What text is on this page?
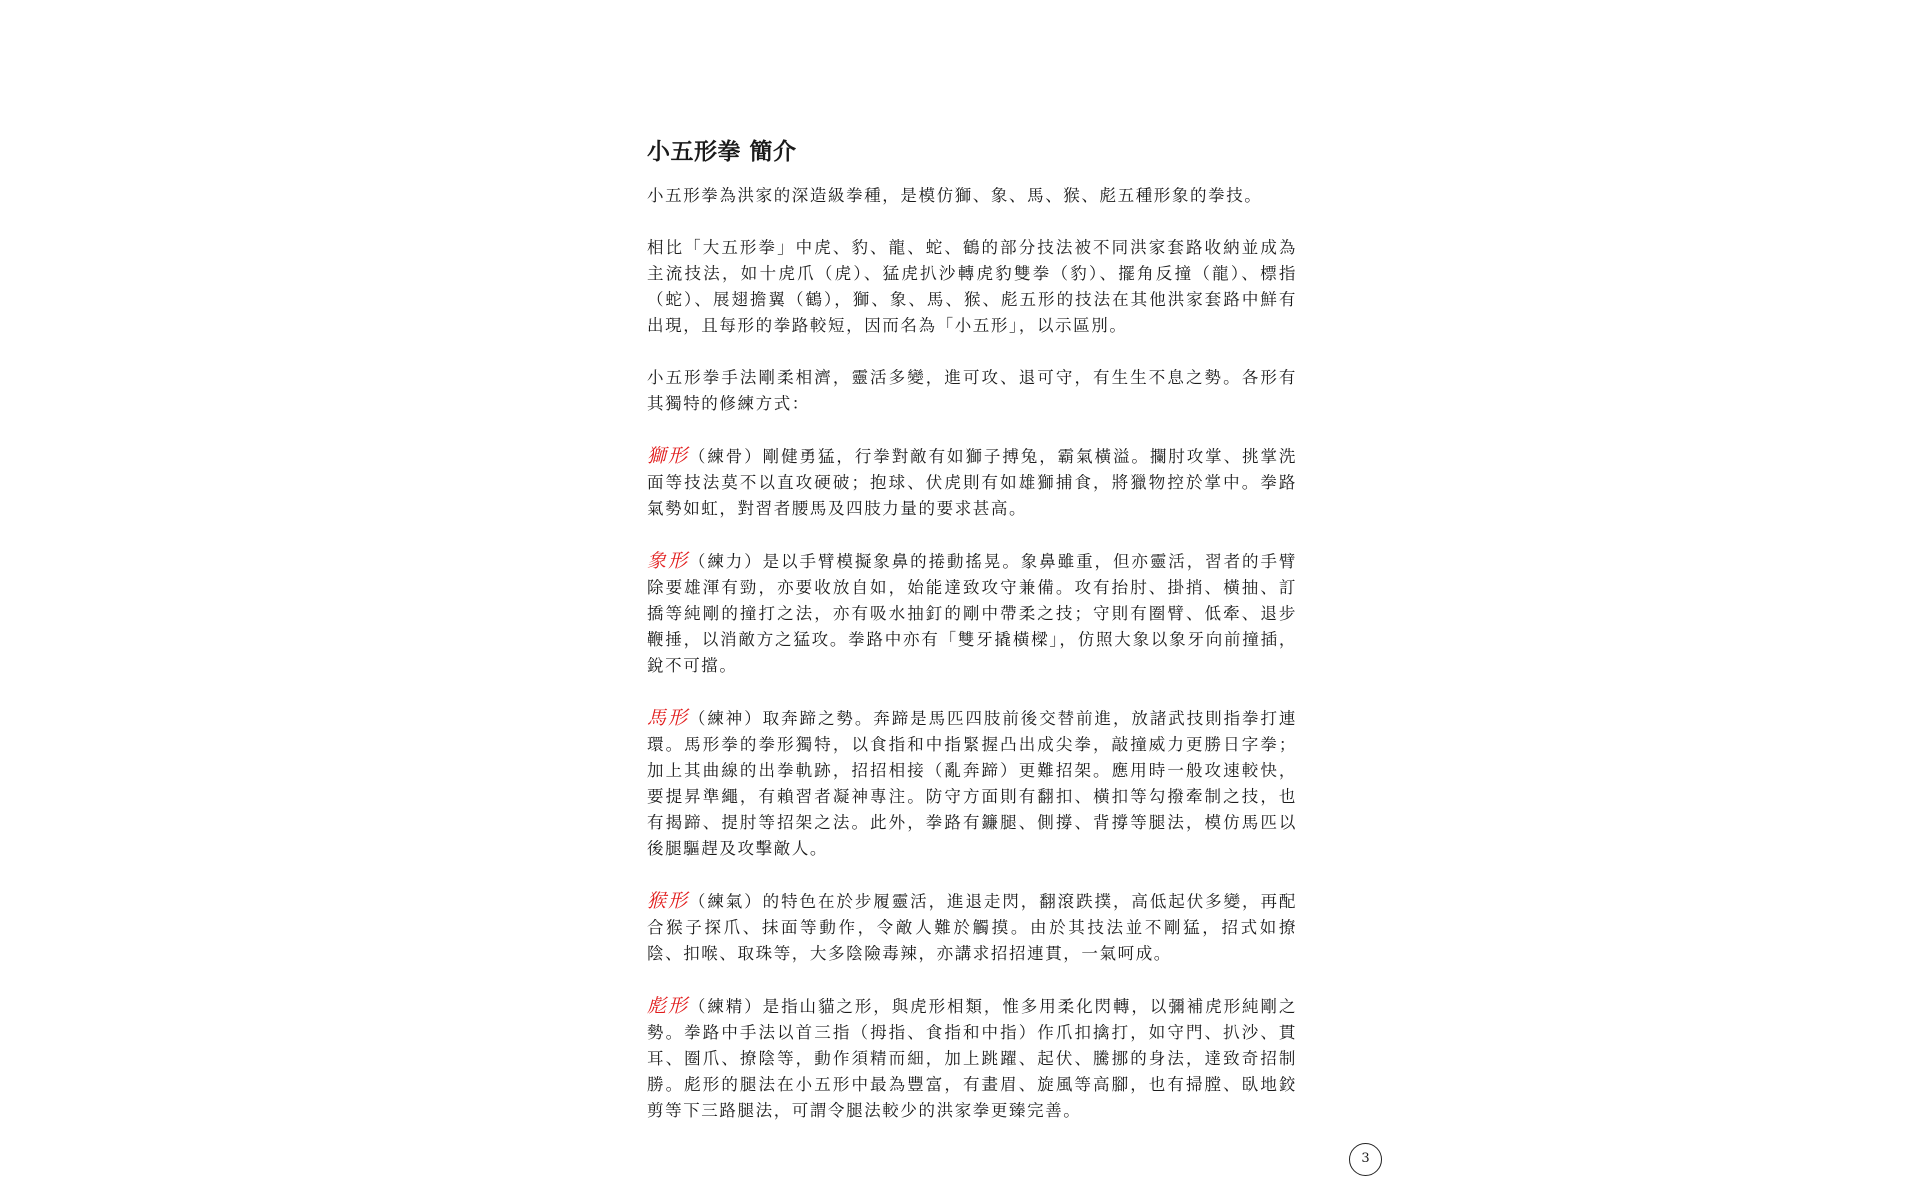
小五形拳 簡介

小五形拳為洪家的深造級拳種，是模仿獅、象、馬、猴、彪五種形象的拳技。

相比「大五形拳」中虎、豹、龍、蛇、鶴的部分技法被不同洪家套路收納並成為主流技法，如十虎爪（虎）、猛虎扒沙轉虎豹雙拳（豹）、擺角反撞（龍）、標指（蛇）、展翅擔翼（鶴），獅、象、馬、猴、彪五形的技法在其他洪家套路中鮮有出現，且每形的拳路較短，因而名為「小五形」，以示區別。

小五形拳手法剛柔相濟，靈活多變，進可攻、退可守，有生生不息之勢。各形有其獨特的修練方式：

獅形（練骨）剛健勇猛，行拳對敵有如獅子搏兔，霸氣橫溢。攔肘攻掌、挑掌洗面等技法莫不以直攻硬破；抱球、伏虎則有如雄獅捕食，將獵物控於掌中。拳路氣勢如虹，對習者腰馬及四肢力量的要求甚高。

象形（練力）是以手臂模擬象鼻的捲動搖晃。象鼻雖重，但亦靈活，習者的手臂除要雄渾有勁，亦要收放自如，始能達致攻守兼備。攻有抬肘、掛捎、橫抽、訂撟等純剛的撞打之法，亦有吸水抽釘的剛中帶柔之技；守則有圈臂、低牽、退步鞭捶，以消敵方之猛攻。拳路中亦有「雙牙撬橫樑」，仿照大象以象牙向前撞插，銳不可擋。

馬形（練神）取奔蹄之勢。奔蹄是馬匹四肢前後交替前進，放諸武技則指拳打連環。馬形拳的拳形獨特，以食指和中指緊握凸出成尖拳，敲撞威力更勝日字拳；加上其曲線的出拳軌跡，招招相接（亂奔蹄）更難招架。應用時一般攻速較快，要提昇準繩，有賴習者凝神專注。防守方面則有翻扣、橫扣等勾撥牽制之技，也有揭蹄、提肘等招架之法。此外，拳路有鐮腿、側撐、背撐等腿法，模仿馬匹以後腿驅趕及攻擊敵人。

猴形（練氣）的特色在於步履靈活，進退走閃，翻滾跌撲，高低起伏多變，再配合猴子探爪、抹面等動作，令敵人難於觸摸。由於其技法並不剛猛，招式如撩陰、扣喉、取珠等，大多陰險毒辣，亦講求招招連貫，一氣呵成。

彪形（練精）是指山貓之形，與虎形相類，惟多用柔化閃轉，以彌補虎形純剛之勢。拳路中手法以首三指（拇指、食指和中指）作爪扣擒打，如守門、扒沙、貫耳、圈爪、撩陰等，動作須精而細，加上跳躍、起伏、騰挪的身法，達致奇招制勝。彪形的腿法在小五形中最為豐富，有畫眉、旋風等高腳，也有掃膛、臥地鉸剪等下三路腿法，可謂令腿法較少的洪家拳更臻完善。

3
